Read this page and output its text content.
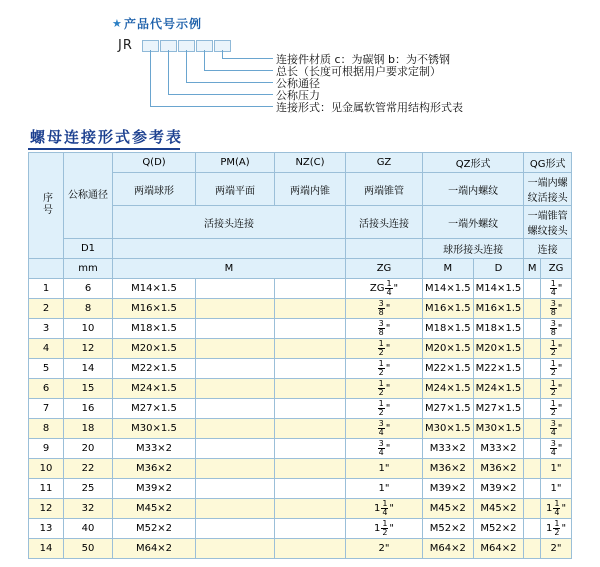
★ 产品代号示例
JR
连接件材质 c：为碳钢 b：为不锈钢
总长（长度可根据用户要求定制）
公称通径
公称压力
连接形式：见金属软管常用结构形式表
螺母连接形式参考表
序号	公称通径	Q(D)	PM(A)	NZ(C)	GZ	QZ形式		QG形式	
		两端球形	两端平面	两端内锥	两端锥管	一端内螺纹		一端内螺纹活接头	
		活接头连接			活接头连接	一端外螺纹		一端锥管螺纹接头	
	D1					球形接头连接		连接	
	mm	M			ZG	M	D	M	ZG
1	6	M14×1.5			ZG $\frac{1}{4}$ "	M14×1.5	M14×1.5		$\frac{1}{4}$ "

2	8	M16×1.5			$\frac{3}{8}$ "	M16×1.5	M16×1.5		$\frac{3}{8}$ "

3	10	M18×1.5			$\frac{3}{8}$ "	M18×1.5	M18×1.5		$\frac{3}{8}$ "

4	12	M20×1.5			$\frac{1}{2}$ "	M20×1.5	M20×1.5		$\frac{1}{2}$ "

5	14	M22×1.5			$\frac{1}{2}$ "	M22×1.5	M22×1.5		$\frac{1}{2}$ "

6	15	M24×1.5			$\frac{1}{2}$ "	M24×1.5	M24×1.5		$\frac{1}{2}$ "

7	16	M27×1.5			$\frac{1}{2}$ "	M27×1.5	M27×1.5		$\frac{1}{2}$ "

8	18	M30×1.5			$\frac{3}{4}$ "	M30×1.5	M30×1.5		$\frac{3}{4}$ "

9	20	M33×2			$\frac{3}{4}$ "	M33×2	M33×2		$\frac{3}{4}$ "

10	22	M36×2			1"	M36×2	M36×2		1"
11	25	M39×2			1"	M39×2	M39×2		1"
12	32	M45×2			$1 \frac{1}{4}$ "	M45×2	M45×2		$1 \frac{1}{4}$ "

13	40	M52×2			$1 \frac{1}{2}$ "	M52×2	M52×2		$1 \frac{1}{2}$ "

14	50	M64×2			2"	M64×2	M64×2		2"
